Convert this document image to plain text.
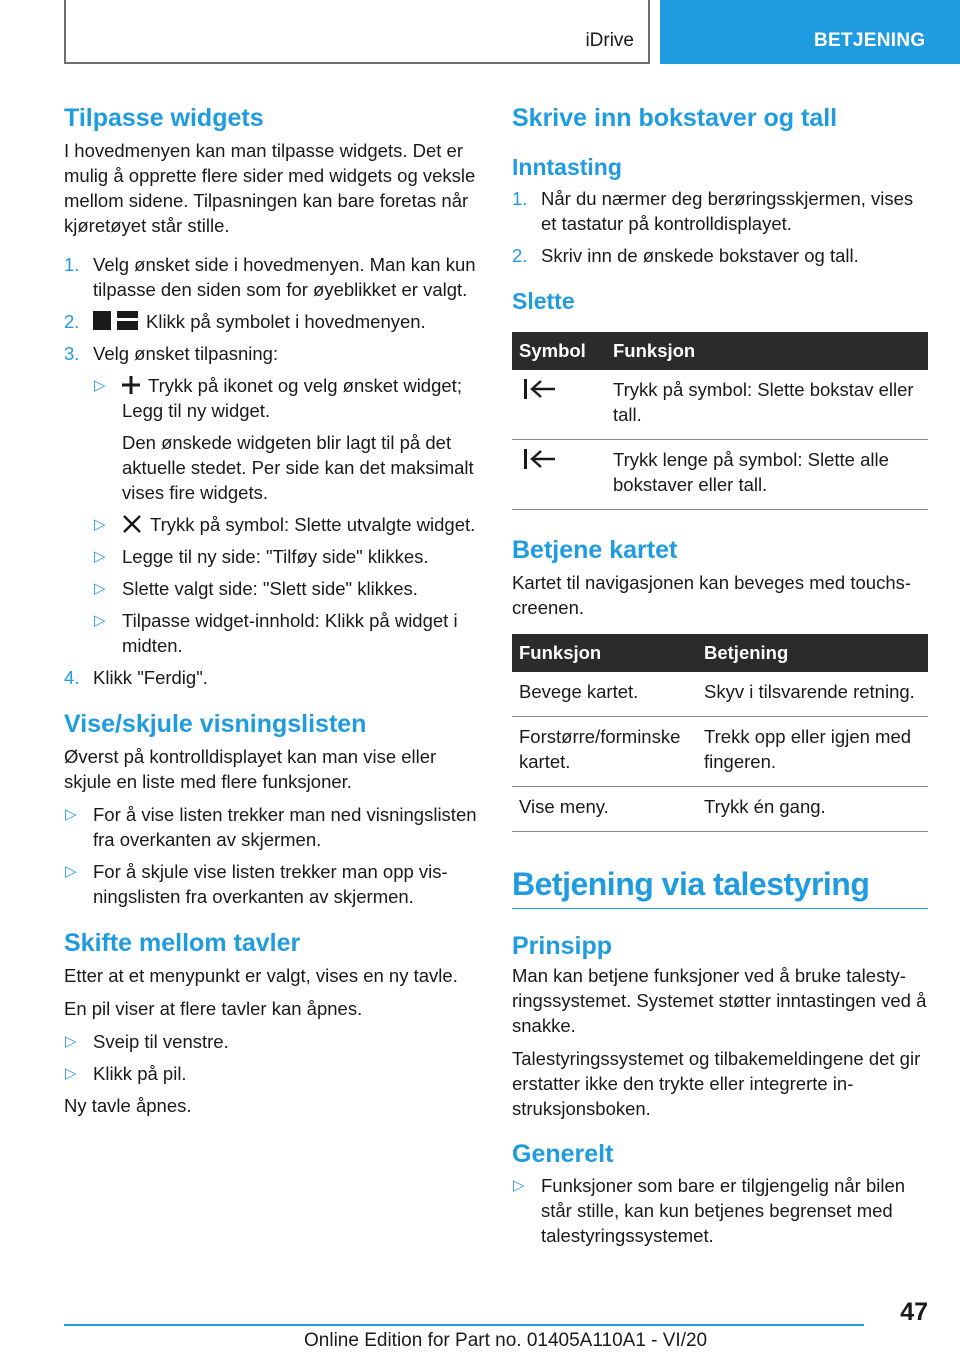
iDrive	BETJENING
Tilpasse widgets

I hovedmenyen kan man tilpasse widgets. Det er mulig å opprette flere sider med widgets og veksle mellom sidene. Tilpasningen kan bare foretas når kjøretøyet står stille.

1. Velg ønsket side i hovedmenyen. Man kan kun tilpasse den siden som for øyeblikket er valgt.
2.	Klikk på symbolet i hovedmenyen.
3. Velg ønsket tilpasning:
▷ Trykk på ikonet og velg ønsket widget; Legg til ny widget.

Den ønskede widgeten blir lagt til på det aktuelle stedet. Per side kan det maksimalt vises fire widgets.

▷ Trykk på symbol: Slette utvalgte widget.
▷ Legge til ny side: "Tilføy side" klikkes.
▷ Slette valgt side: "Slett side" klikkes.
▷ Tilpasse widget-innhold: Klikk på widget i midten.
4. Klikk "Ferdig".
Vise/skjule visningslisten

Øverst på kontrolldisplayet kan man vise eller skjule en liste med flere funksjoner.

▷ For å vise listen trekker man ned visningslisten fra overkanten av skjermen.
▷ For å skjule vise listen trekker man opp visningslisten fra overkanten av skjermen.
Skifte mellom tavler

Etter at et menypunkt er valgt, vises en ny tavle.

En pil viser at flere tavler kan åpnes.

▷ Sveip til venstre.
▷ Klikk på pil.

Ny tavle åpnes.

Skrive inn bokstaver og tall
Inntasting
1. Når du nærmer deg berøringsskjermen, vises et tastatur på kontrolldisplayet.
2. Skriv inn de ønskede bokstaver og tall.
Slette
Symbol	Funksjon
	Trykk på symbol: Slette bokstav eller tall.
	Trykk lenge på symbol: Slette alle bokstaver eller tall.
Betjene kartet

Kartet til navigasjonen kan beveges med touchscreenen.

Funksjon	Betjening
Bevege kartet.	Skyv i tilsvarende retning.
Forstørre/forminske kartet.	Trekk opp eller igjen med fingeren.
Vise meny.	Trykk én gang.
Betjening via talestyring
Prinsipp

Man kan betjene funksjoner ved å bruke talestyringssystemet. Systemet støtter inntastingen ved å snakke.

Talestyringssystemet og tilbakemeldingene det gir erstatter ikke den trykte eller integrerte instruksjonsboken.

Generelt
▷ Funksjoner som bare er tilgjengelig når bilen står stille, kan kun betjenes begrenset med talestyringssystemet.
47
Online Edition for Part no. 01405A110A1 - VI/20
